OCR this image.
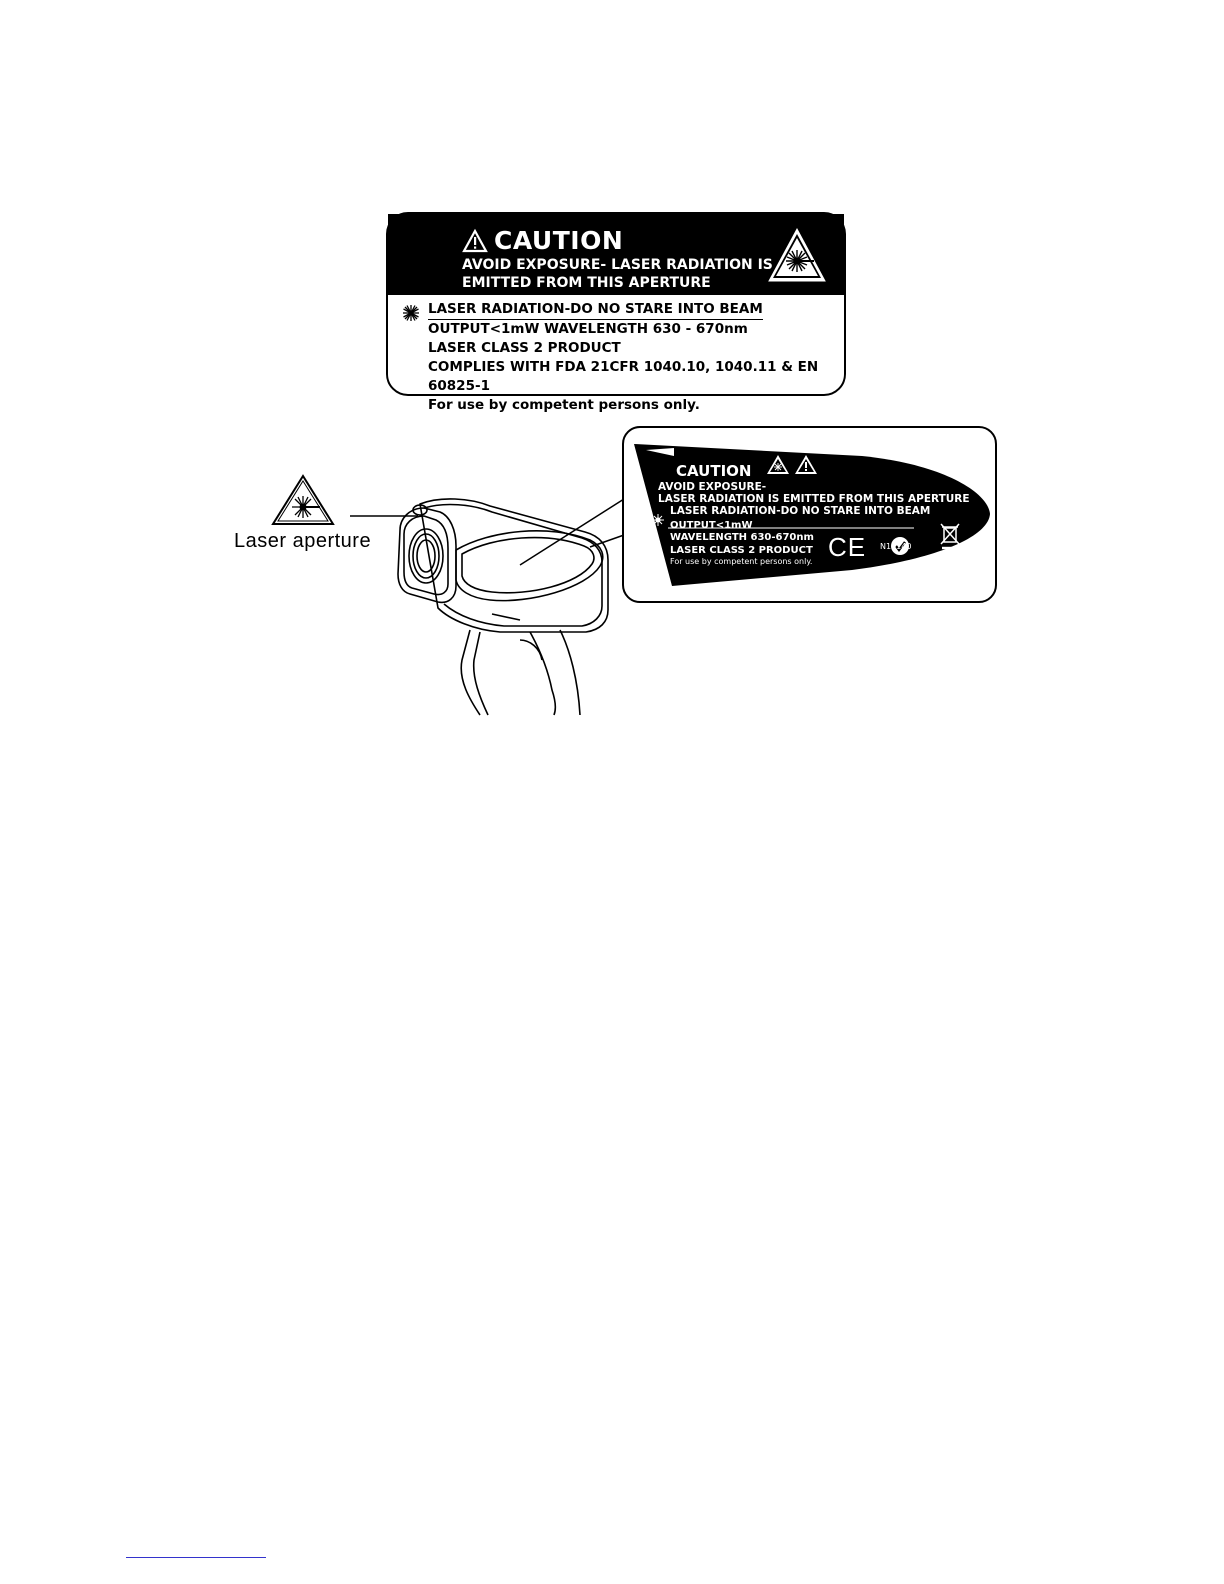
CAUTION
AVOID EXPOSURE- LASER RADIATION IS
EMITTED FROM THIS APERTURE
LASER RADIATION-DO NO STARE INTO BEAM
OUTPUT<1mW WAVELENGTH 630 - 670nm
LASER CLASS 2 PRODUCT
COMPLIES WITH FDA 21CFR 1040.10, 1040.11 & EN 60825-1
For use by competent persons only.
Laser aperture
CAUTION
AVOID EXPOSURE-
LASER RADIATION IS EMITTED FROM THIS APERTURE
LASER RADIATION-DO NO STARE INTO BEAM
OUTPUT<1mW
WAVELENGTH 630-670nm
LASER CLASS 2 PRODUCT
For use by competent persons only. CE N10140
